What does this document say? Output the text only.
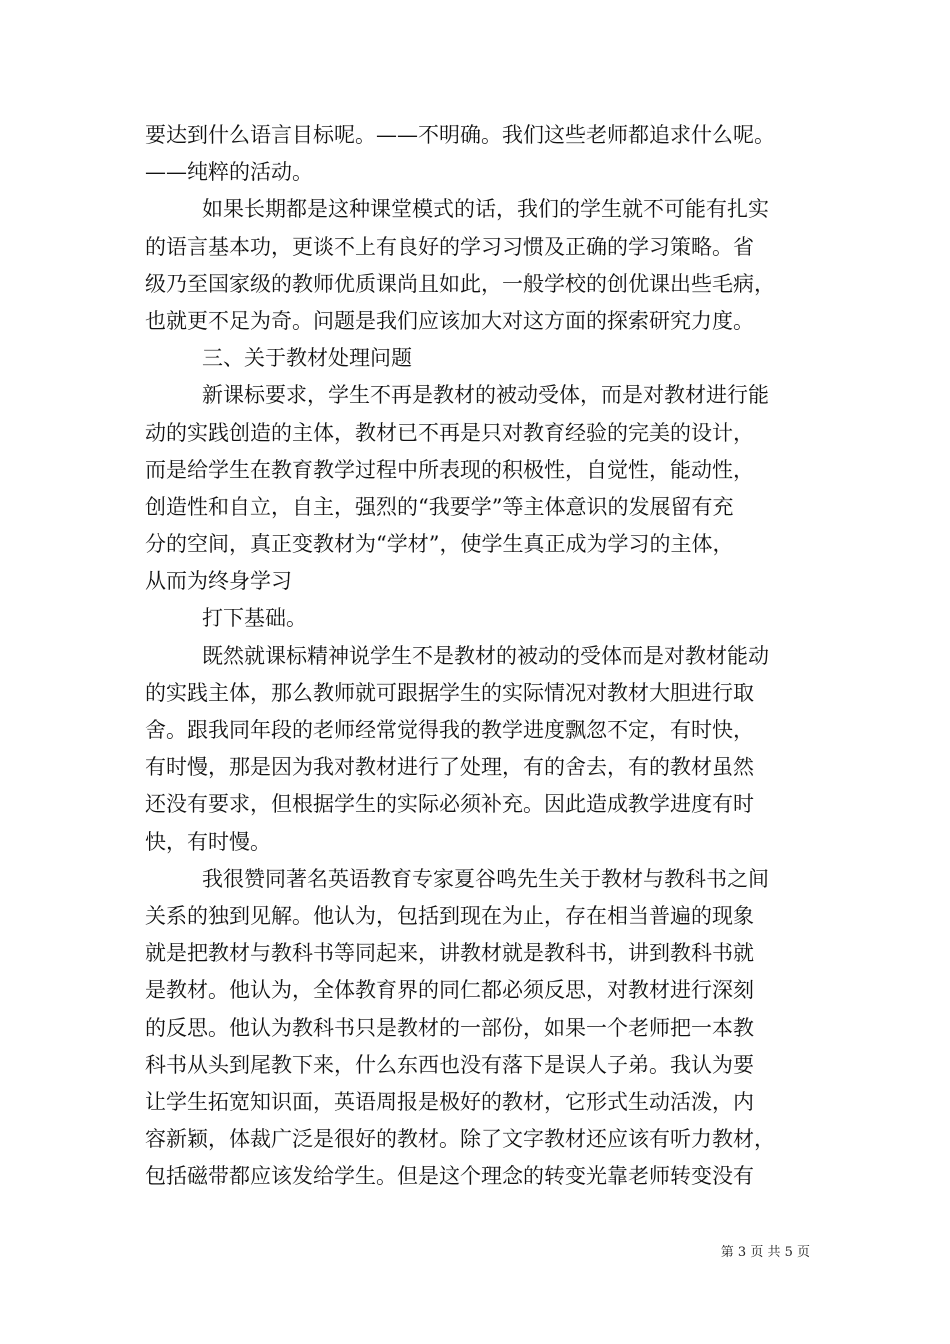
要达到什么语言目标呢。——不明确。我们这些老师都追求什么呢。
——纯粹的活动。
如果长期都是这种课堂模式的话，我们的学生就不可能有扎实
的语言基本功，更谈不上有良好的学习习惯及正确的学习策略。省
级乃至国家级的教师优质课尚且如此，一般学校的创优课出些毛病，
也就更不足为奇。问题是我们应该加大对这方面的探索研究力度。
三、关于教材处理问题
新课标要求，学生不再是教材的被动受体，而是对教材进行能
动的实践创造的主体，教材已不再是只对教育经验的完美的设计，
而是给学生在教育教学过程中所表现的积极性，自觉性，能动性，
创造性和自立，自主，强烈的“我要学”等主体意识的发展留有充
分的空间，真正变教材为“学材”，使学生真正成为学习的主体，
从而为终身学习
打下基础。
既然就课标精神说学生不是教材的被动的受体而是对教材能动
的实践主体，那么教师就可跟据学生的实际情况对教材大胆进行取
舍。跟我同年段的老师经常觉得我的教学进度飘忽不定，有时快，
有时慢，那是因为我对教材进行了处理，有的舍去，有的教材虽然
还没有要求，但根据学生的实际必须补充。因此造成教学进度有时
快，有时慢。
我很赞同著名英语教育专家夏谷鸣先生关于教材与教科书之间
关系的独到见解。他认为，包括到现在为止，存在相当普遍的现象
就是把教材与教科书等同起来，讲教材就是教科书，讲到教科书就
是教材。他认为，全体教育界的同仁都必须反思，对教材进行深刻
的反思。他认为教科书只是教材的一部份，如果一个老师把一本教
科书从头到尾教下来，什么东西也没有落下是误人子弟。我认为要
让学生拓宽知识面，英语周报是极好的教材，它形式生动活泼，内
容新颖，体裁广泛是很好的教材。除了文字教材还应该有听力教材，
包括磁带都应该发给学生。但是这个理念的转变光靠老师转变没有
第 3 页 共 5 页
